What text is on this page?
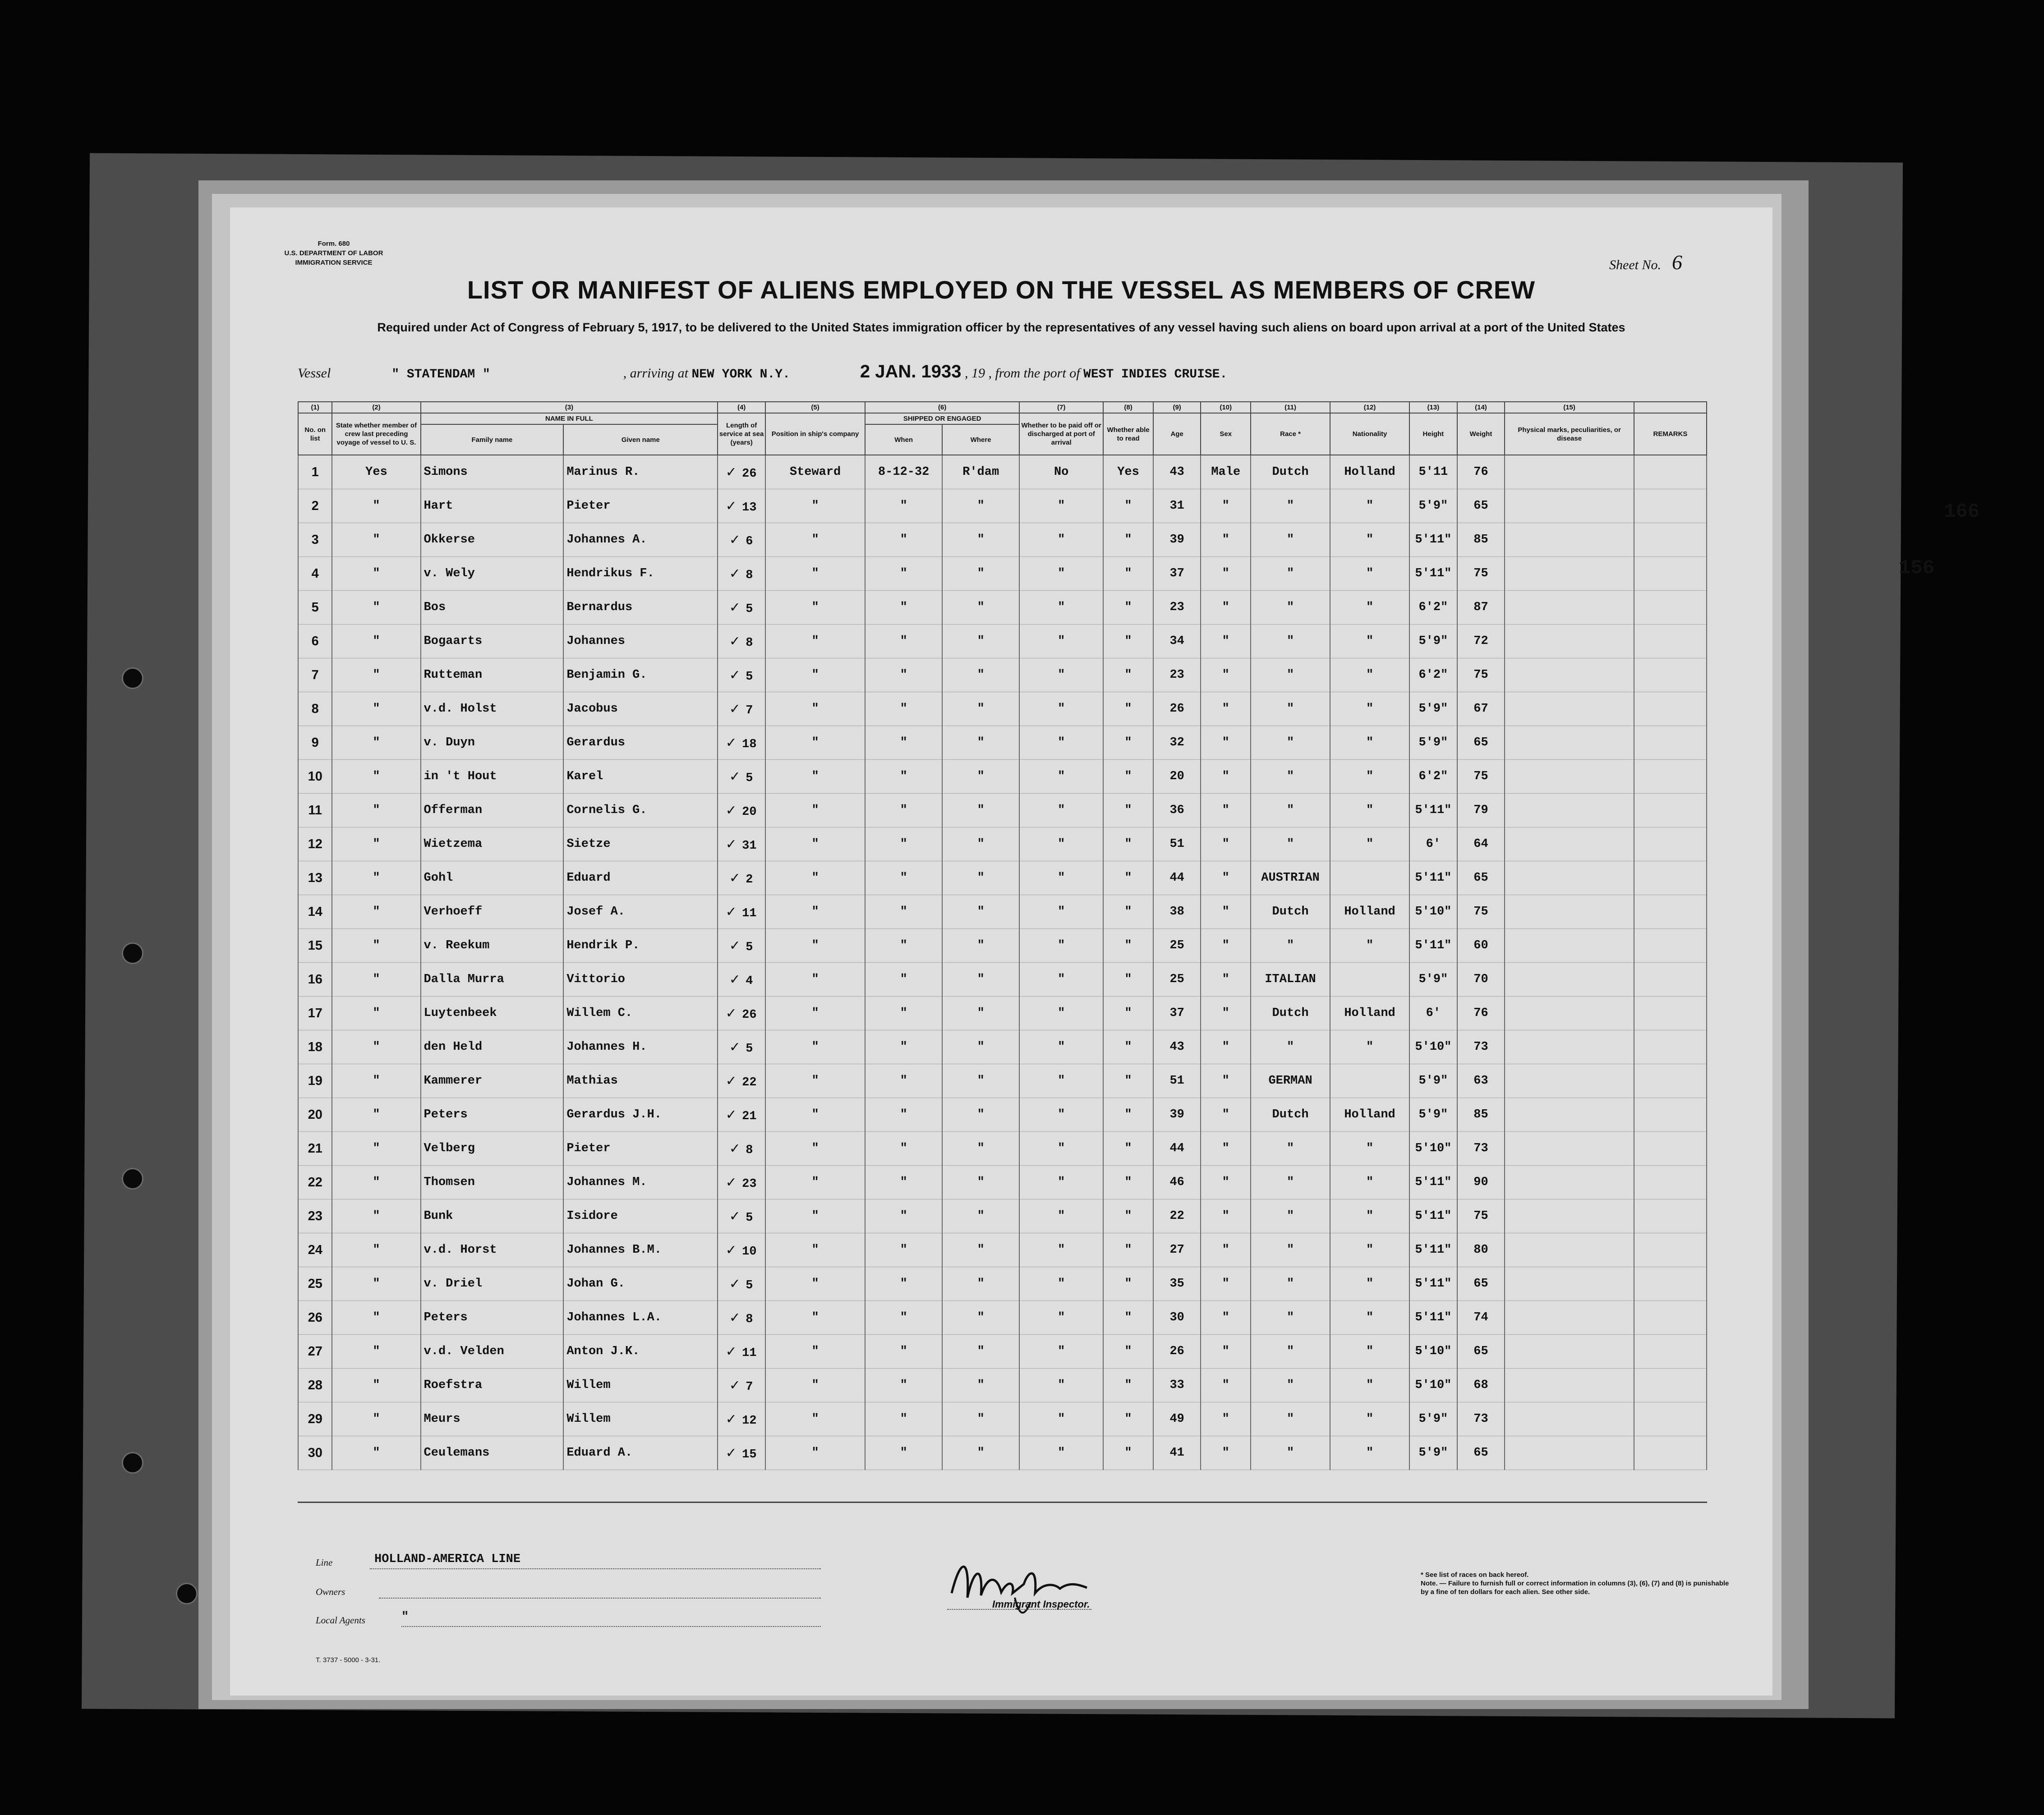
Form. 680
U.S. DEPARTMENT OF LABOR
IMMIGRATION SERVICE	Sheet No. 6
166
156
LIST OR MANIFEST OF ALIENS EMPLOYED ON THE VESSEL AS MEMBERS OF CREW
Required under Act of Congress of February 5, 1917, to be delivered to the United States immigration officer by the representatives of any vessel having such aliens on board upon arrival at a port of the United States
Vessel	" STATENDAM "	, arriving at NEW YORK N.Y.	2 JAN. 1933 , 19 , from the port of WEST INDIES CRUISE.
(1)	(2)	(3)		(4)	(5)	(6)		(7)	(8)	(9)	(10)	(11)	(12)	(13)	(14)	(15)	
No. on list	State whether member of crew last preceding voyage of vessel to U. S.	NAME IN FULL		Length of service at sea (years)	Position in ship's company	SHIPPED OR ENGAGED		Whether to be paid off or discharged at port of arrival	Whether able to read	Age	Sex	Race *	Nationality	Height	Weight	Physical marks, peculiarities, or disease	REMARKS
		Family name	Given name			When	Where										
1	Yes	Simons	Marinus R.	✓ 26	Steward	8-12-32	R'dam	No	Yes	43	Male	Dutch	Holland	5'11	76		
2	"	Hart	Pieter	✓ 13	"	"	"	"	"	31	"	"	"	5'9"	65		
3	"	Okkerse	Johannes A.	✓ 6	"	"	"	"	"	39	"	"	"	5'11"	85		
4	"	v. Wely	Hendrikus F.	✓ 8	"	"	"	"	"	37	"	"	"	5'11"	75		
5	"	Bos	Bernardus	✓ 5	"	"	"	"	"	23	"	"	"	6'2"	87		
6	"	Bogaarts	Johannes	✓ 8	"	"	"	"	"	34	"	"	"	5'9"	72		
7	"	Rutteman	Benjamin G.	✓ 5	"	"	"	"	"	23	"	"	"	6'2"	75		
8	"	v.d. Holst	Jacobus	✓ 7	"	"	"	"	"	26	"	"	"	5'9"	67		
9	"	v. Duyn	Gerardus	✓ 18	"	"	"	"	"	32	"	"	"	5'9"	65		
10	"	in 't Hout	Karel	✓ 5	"	"	"	"	"	20	"	"	"	6'2"	75		
11	"	Offerman	Cornelis G.	✓ 20	"	"	"	"	"	36	"	"	"	5'11"	79		
12	"	Wietzema	Sietze	✓ 31	"	"	"	"	"	51	"	"	"	6'	64		
13	"	Gohl	Eduard	✓ 2	"	"	"	"	"	44	"	AUSTRIAN		5'11"	65		
14	"	Verhoeff	Josef A.	✓ 11	"	"	"	"	"	38	"	Dutch	Holland	5'10"	75		
15	"	v. Reekum	Hendrik P.	✓ 5	"	"	"	"	"	25	"	"	"	5'11"	60		
16	"	Dalla Murra	Vittorio	✓ 4	"	"	"	"	"	25	"	ITALIAN		5'9"	70		
17	"	Luytenbeek	Willem C.	✓ 26	"	"	"	"	"	37	"	Dutch	Holland	6'	76		
18	"	den Held	Johannes H.	✓ 5	"	"	"	"	"	43	"	"	"	5'10"	73		
19	"	Kammerer	Mathias	✓ 22	"	"	"	"	"	51	"	GERMAN		5'9"	63		
20	"	Peters	Gerardus J.H.	✓ 21	"	"	"	"	"	39	"	Dutch	Holland	5'9"	85		
21	"	Velberg	Pieter	✓ 8	"	"	"	"	"	44	"	"	"	5'10"	73		
22	"	Thomsen	Johannes M.	✓ 23	"	"	"	"	"	46	"	"	"	5'11"	90		
23	"	Bunk	Isidore	✓ 5	"	"	"	"	"	22	"	"	"	5'11"	75		
24	"	v.d. Horst	Johannes B.M.	✓ 10	"	"	"	"	"	27	"	"	"	5'11"	80		
25	"	v. Driel	Johan G.	✓ 5	"	"	"	"	"	35	"	"	"	5'11"	65		
26	"	Peters	Johannes L.A.	✓ 8	"	"	"	"	"	30	"	"	"	5'11"	74		
27	"	v.d. Velden	Anton J.K.	✓ 11	"	"	"	"	"	26	"	"	"	5'10"	65		
28	"	Roefstra	Willem	✓ 7	"	"	"	"	"	33	"	"	"	5'10"	68		
29	"	Meurs	Willem	✓ 12	"	"	"	"	"	49	"	"	"	5'9"	73		
30	"	Ceulemans	Eduard A.	✓ 15	"	"	"	"	"	41	"	"	"	5'9"	65		
Line	HOLLAND-AMERICA LINE
Owners
Local Agents	"
Immigrant Inspector.
* See list of races on back hereof.
Note. — Failure to furnish full or correct information in columns (3), (6), (7) and (8) is punishable by a fine of ten dollars for each alien. See other side.
T. 3737 - 5000 - 3-31.
